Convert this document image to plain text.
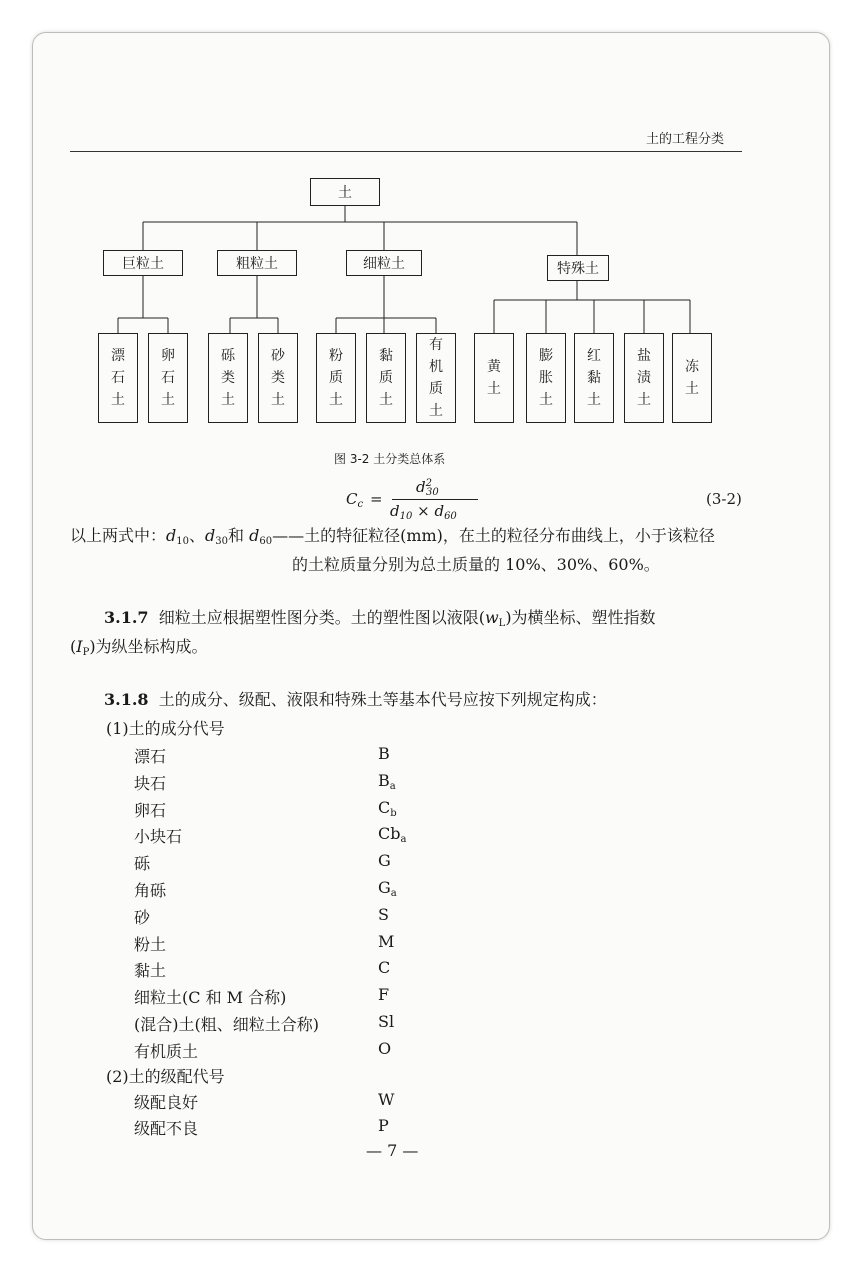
土的工程分类
土
巨粒土	粗粒土	细粒土	特殊土
漂石土
卵石土
砾类土
砂类土
粉质土
黏质土
有机质土
黄土
膨胀土
红黏土
盐渍土
冻土
图 3-2 土分类总体系
$C_c$ =
$d^2_{30}$
$d_{10} \times d_{60}$
(3-2)
以上两式中：$d_{10}$、$d_{30}$和 $d_{60}——$土的特征粒径(mm)，在土的粒径分布曲线上，小于该粒径
的土粒质量分别为总土质量的 10%、30%、60%。
3.1.7 细粒土应根据塑性图分类。土的塑性图以液限$(w_L)$为横坐标、塑性指数
$(I_P)$为纵坐标构成。
3.1.8 土的成分、级配、液限和特殊土等基本代号应按下列规定构成：
(1)土的成分代号
漂石	B
块石	$B_a$
卵石	$C_b$
小块石	$Cb_a$
砾	G
角砾	$G_a$
砂	S
粉土	M
黏土	C
细粒土(C 和 M 合称)	F
(混合)土(粗、细粒土合称)	Sl
有机质土	O
(2)土的级配代号
级配良好	W
级配不良	P
— 7 —
